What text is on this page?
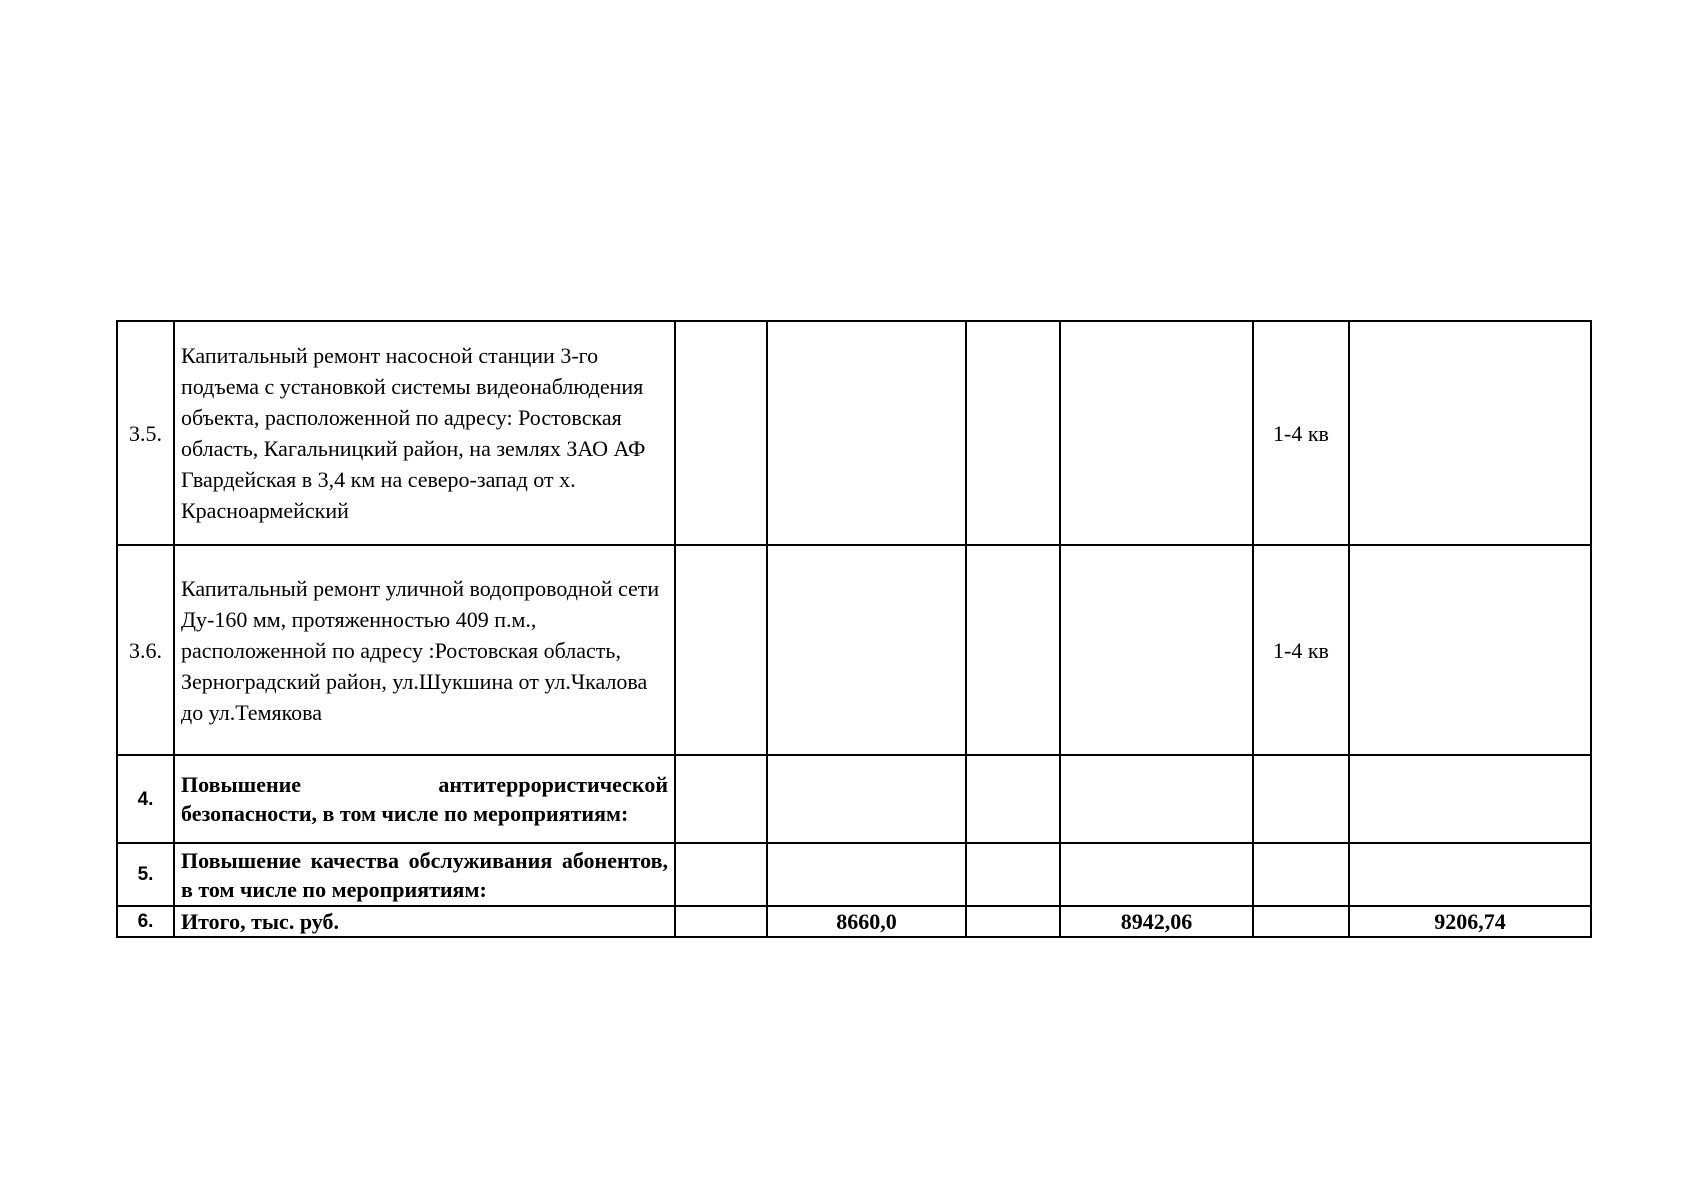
3.5.	Капитальный ремонт насосной станции 3-го подъема с установкой системы видеонаблюдения объекта, расположенной по адресу: Ростовская область, Кагальницкий район, на землях ЗАО АФ Гвардейская в 3,4 км на северо-запад от х. Красноармейский					1-4 кв	
3.6.	Капитальный ремонт уличной водопроводной сети Ду-160 мм, протяженностью 409 п.м., расположенной по адресу :Ростовская область, Зерноградский район, ул.Шукшина от ул.Чкалова до ул.Темякова					1-4 кв	
4.	Повышение антитеррористической безопасности, в том числе по мероприятиям:						
5.	Повышение качества обслуживания абонентов, в том числе по мероприятиям:						
6.	Итого, тыс. руб.		8660,0		8942,06		9206,74
